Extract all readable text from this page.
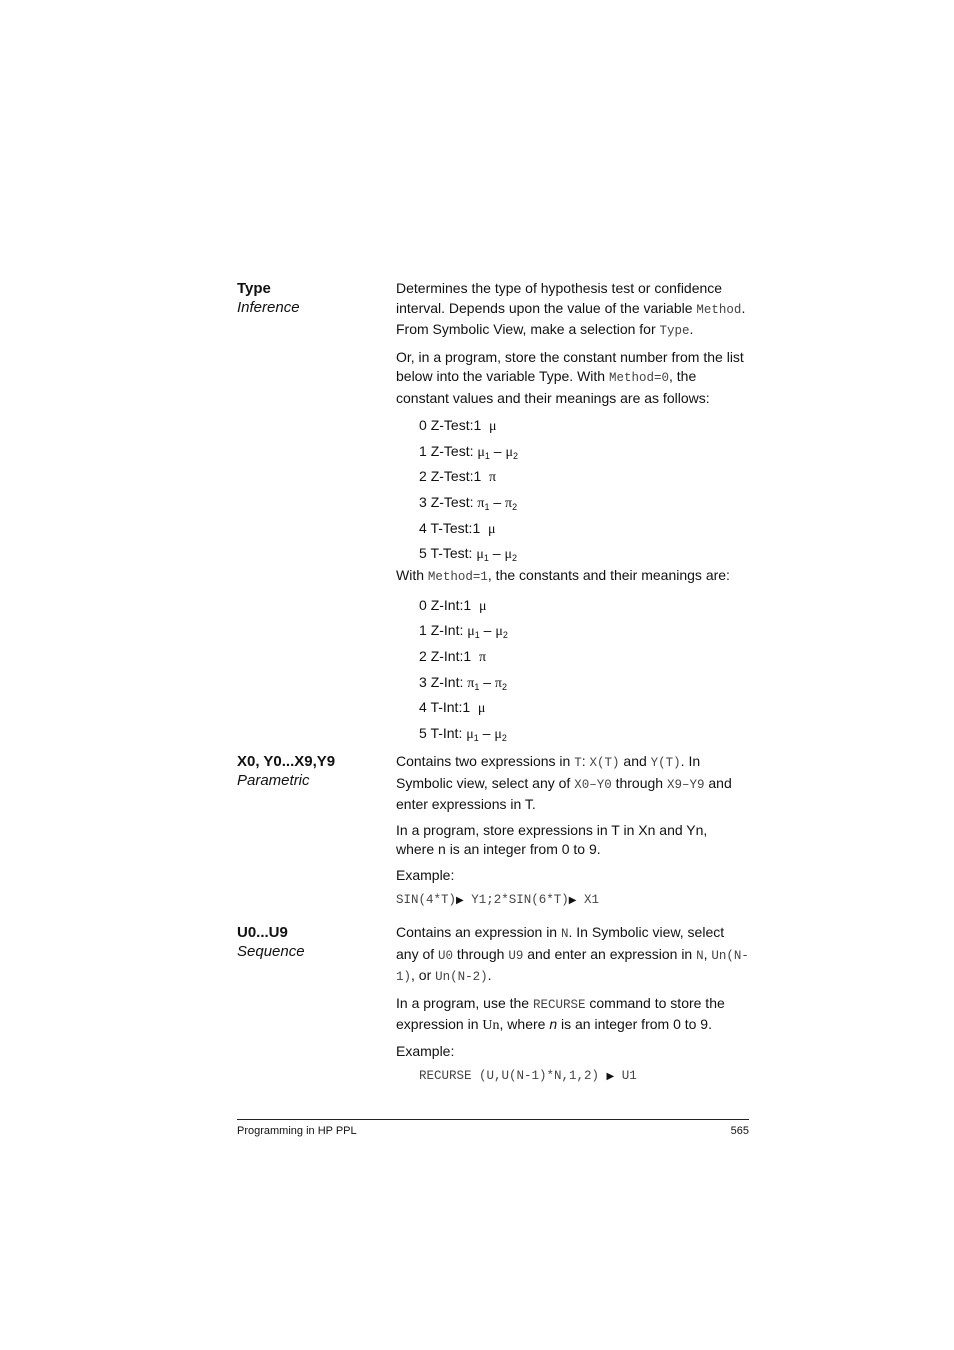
Type
Inference

Determines the type of hypothesis test or confidence interval. Depends upon the value of the variable Method. From Symbolic View, make a selection for Type.

Or, in a program, store the constant number from the list below into the variable Type. With Method=0, the constant values and their meanings are as follows:

0 Z-Test:1 μ
1 Z-Test: $\mu_1 - \mu_2$
2 Z-Test:1 π
3 Z-Test: $\pi_1 - \pi_2$
4 T-Test:1 μ
5 T-Test: $\mu_1 - \mu_2$

With Method=1, the constants and their meanings are:

0 Z-Int:1 μ
1 Z-Int: $\mu_1 - \mu_2$
2 Z-Int:1 π
3 Z-Int: $\pi_1 - \pi_2$
4 T-Int:1 μ
5 T-Int: $\mu_1 - \mu_2$
X0, Y0...X9,Y9
Parametric

Contains two expressions in T: X(T) and Y(T). In Symbolic view, select any of X0–Y0 through X9–Y9 and enter expressions in T.

In a program, store expressions in T in Xn and Yn, where n is an integer from 0 to 9.

Example:

SIN(4*T)▶ Y1;2*SIN(6*T)▶ X1
U0...U9
Sequence

Contains an expression in N. In Symbolic view, select any of U0 through U9 and enter an expression in N, Un(N-1), or Un(N-2).

In a program, use the RECURSE command to store the expression in Un, where n is an integer from 0 to 9.

Example:

RECURSE (U,U(N-1)*N,1,2) ▶ U1
Programming in HP PPL	565
